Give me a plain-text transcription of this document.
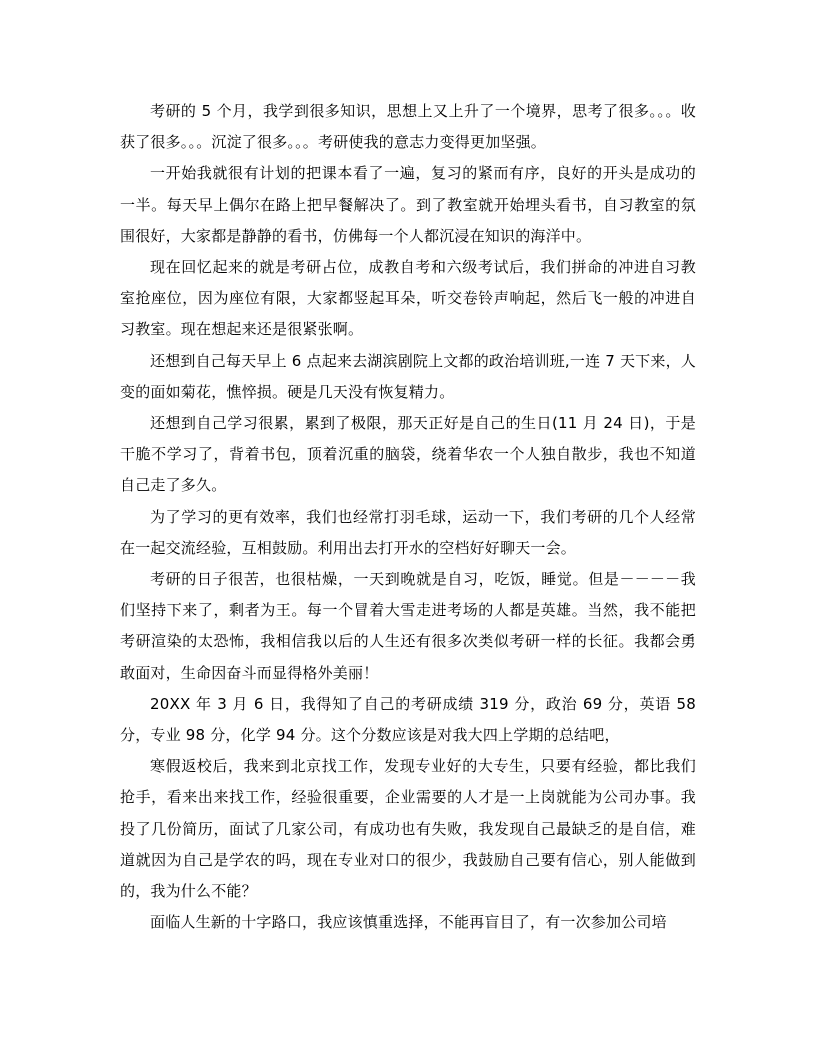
考研的 5 个月，我学到很多知识，思想上又上升了一个境界，思考了很多。。。收获了很多。。。沉淀了很多。。。考研使我的意志力变得更加坚强。

一开始我就很有计划的把课本看了一遍，复习的紧而有序，良好的开头是成功的一半。每天早上偶尔在路上把早餐解决了。到了教室就开始埋头看书，自习教室的氛围很好，大家都是静静的看书，仿佛每一个人都沉浸在知识的海洋中。

现在回忆起来的就是考研占位，成教自考和六级考试后，我们拼命的冲进自习教室抢座位，因为座位有限，大家都竖起耳朵，听交卷铃声响起，然后飞一般的冲进自习教室。现在想起来还是很紧张啊。

还想到自己每天早上 6 点起来去湖滨剧院上文都的政治培训班,一连 7 天下来，人变的面如菊花，憔悴损。硬是几天没有恢复精力。

还想到自己学习很累，累到了极限，那天正好是自己的生日(11 月 24 日)，于是干脆不学习了，背着书包，顶着沉重的脑袋，绕着华农一个人独自散步，我也不知道自己走了多久。

为了学习的更有效率，我们也经常打羽毛球，运动一下，我们考研的几个人经常在一起交流经验，互相鼓励。利用出去打开水的空档好好聊天一会。

考研的日子很苦，也很枯燥，一天到晚就是自习，吃饭，睡觉。但是－－－－我们坚持下来了，剩者为王。每一个冒着大雪走进考场的人都是英雄。当然，我不能把考研渲染的太恐怖，我相信我以后的人生还有很多次类似考研一样的长征。我都会勇敢面对，生命因奋斗而显得格外美丽！

20XX 年 3 月 6 日，我得知了自己的考研成绩 319 分，政治 69 分，英语 58 分，专业 98 分，化学 94 分。这个分数应该是对我大四上学期的总结吧，

寒假返校后，我来到北京找工作，发现专业好的大专生，只要有经验，都比我们抢手，看来出来找工作，经验很重要，企业需要的人才是一上岗就能为公司办事。我投了几份简历，面试了几家公司，有成功也有失败，我发现自己最缺乏的是自信，难道就因为自己是学农的吗，现在专业对口的很少，我鼓励自己要有信心，别人能做到的，我为什么不能？

面临人生新的十字路口，我应该慎重选择，不能再盲目了，有一次参加公司培
